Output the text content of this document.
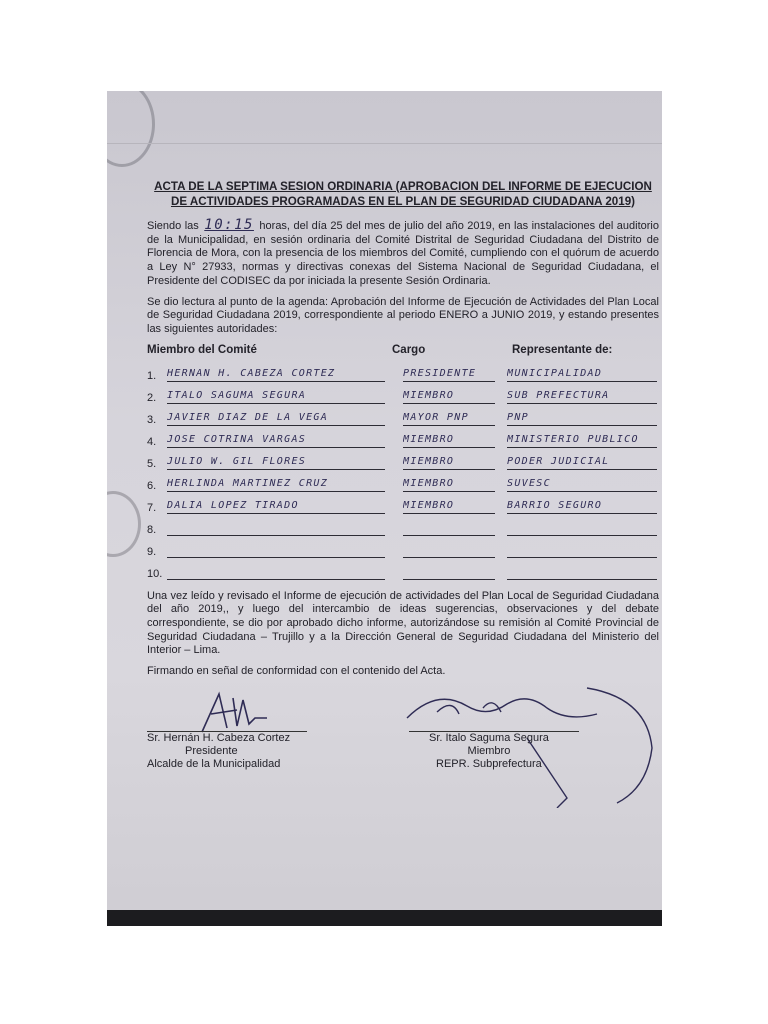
ACTA DE LA SEPTIMA SESION ORDINARIA (APROBACION DEL INFORME DE EJECUCION DE ACTIVIDADES PROGRAMADAS EN EL PLAN DE SEGURIDAD CIUDADANA 2019)

Siendo las 10:15 horas, del día 25 del mes de julio del año 2019, en las instalaciones del auditorio de la Municipalidad, en sesión ordinaria del Comité Distrital de Seguridad Ciudadana del Distrito de Florencia de Mora, con la presencia de los miembros del Comité, cumpliendo con el quórum de acuerdo a Ley N° 27933, normas y directivas conexas del Sistema Nacional de Seguridad Ciudadana, el Presidente del CODISEC da por iniciada la presente Sesión Ordinaria.

Se dio lectura al punto de la agenda: Aprobación del Informe de Ejecución de Actividades del Plan Local de Seguridad Ciudadana 2019, correspondiente al periodo ENERO a JUNIO 2019, y estando presentes las siguientes autoridades:

Miembro del Comité	Cargo	Representante de:
1.	HERNAN H. CABEZA CORTEZ	PRESIDENTE	MUNICIPALIDAD
2.	ITALO SAGUMA SEGURA	MIEMBRO	SUB PREFECTURA
3.	JAVIER DIAZ DE LA VEGA	MAYOR PNP	PNP
4.	JOSE COTRINA VARGAS	MIEMBRO	MINISTERIO PUBLICO
5.	JULIO W. GIL FLORES	MIEMBRO	PODER JUDICIAL
6.	HERLINDA MARTINEZ CRUZ	MIEMBRO	SUVESC
7.	DALIA LOPEZ TIRADO	MIEMBRO	BARRIO SEGURO
8.
9.
10.

Una vez leído y revisado el Informe de ejecución de actividades del Plan Local de Seguridad Ciudadana del año 2019,, y luego del intercambio de ideas sugerencias, observaciones y del debate correspondiente, se dio por aprobado dicho informe, autorizándose su remisión al Comité Provincial de Seguridad Ciudadana – Trujillo y a la Dirección General de Seguridad Ciudadana del Ministerio del Interior – Lima.

Firmando en señal de conformidad con el contenido del Acta.

Sr. Hernán H. Cabeza Cortez
Presidente
Alcalde de la Municipalidad
Sr. Italo Saguma Segura
Miembro
REPR. Subprefectura
